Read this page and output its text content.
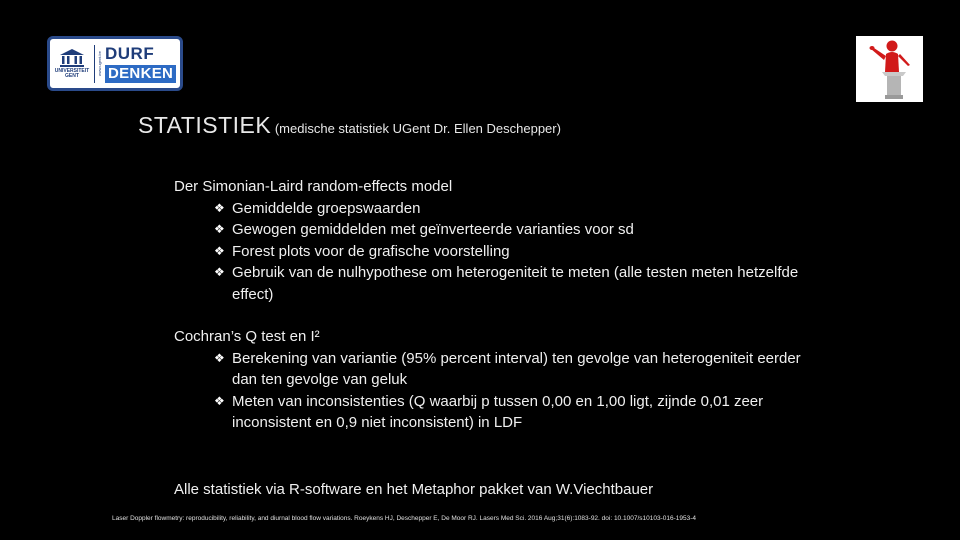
UNIVERSITEIT GENT	www.ugent.be DURF
DENKEN
STATISTIEK (medische statistiek UGent Dr. Ellen Deschepper)
Der Simonian-Laird random-effects model
❖ Gemiddelde groepswaarden
❖ Gewogen gemiddelden met geïnverteerde varianties voor sd
❖ Forest plots voor de grafische voorstelling
❖ Gebruik van de nulhypothese om heterogeniteit te meten (alle testen meten hetzelfde effect)
Cochran’s Q test en I²
❖ Berekening van variantie (95% percent interval) ten gevolge van heterogeniteit eerder dan ten gevolge van geluk
❖ Meten van inconsistenties (Q waarbij p tussen 0,00 en 1,00 ligt, zijnde 0,01 zeer inconsistent en 0,9 niet inconsistent) in LDF
Alle statistiek via R-software en het Metaphor pakket van W.Viechtbauer
Laser Doppler flowmetry: reproducibility, reliability, and diurnal blood flow variations. Roeykens HJ, Deschepper E, De Moor RJ. Lasers Med Sci. 2016 Aug;31(6):1083-92. doi: 10.1007/s10103-016-1953-4
